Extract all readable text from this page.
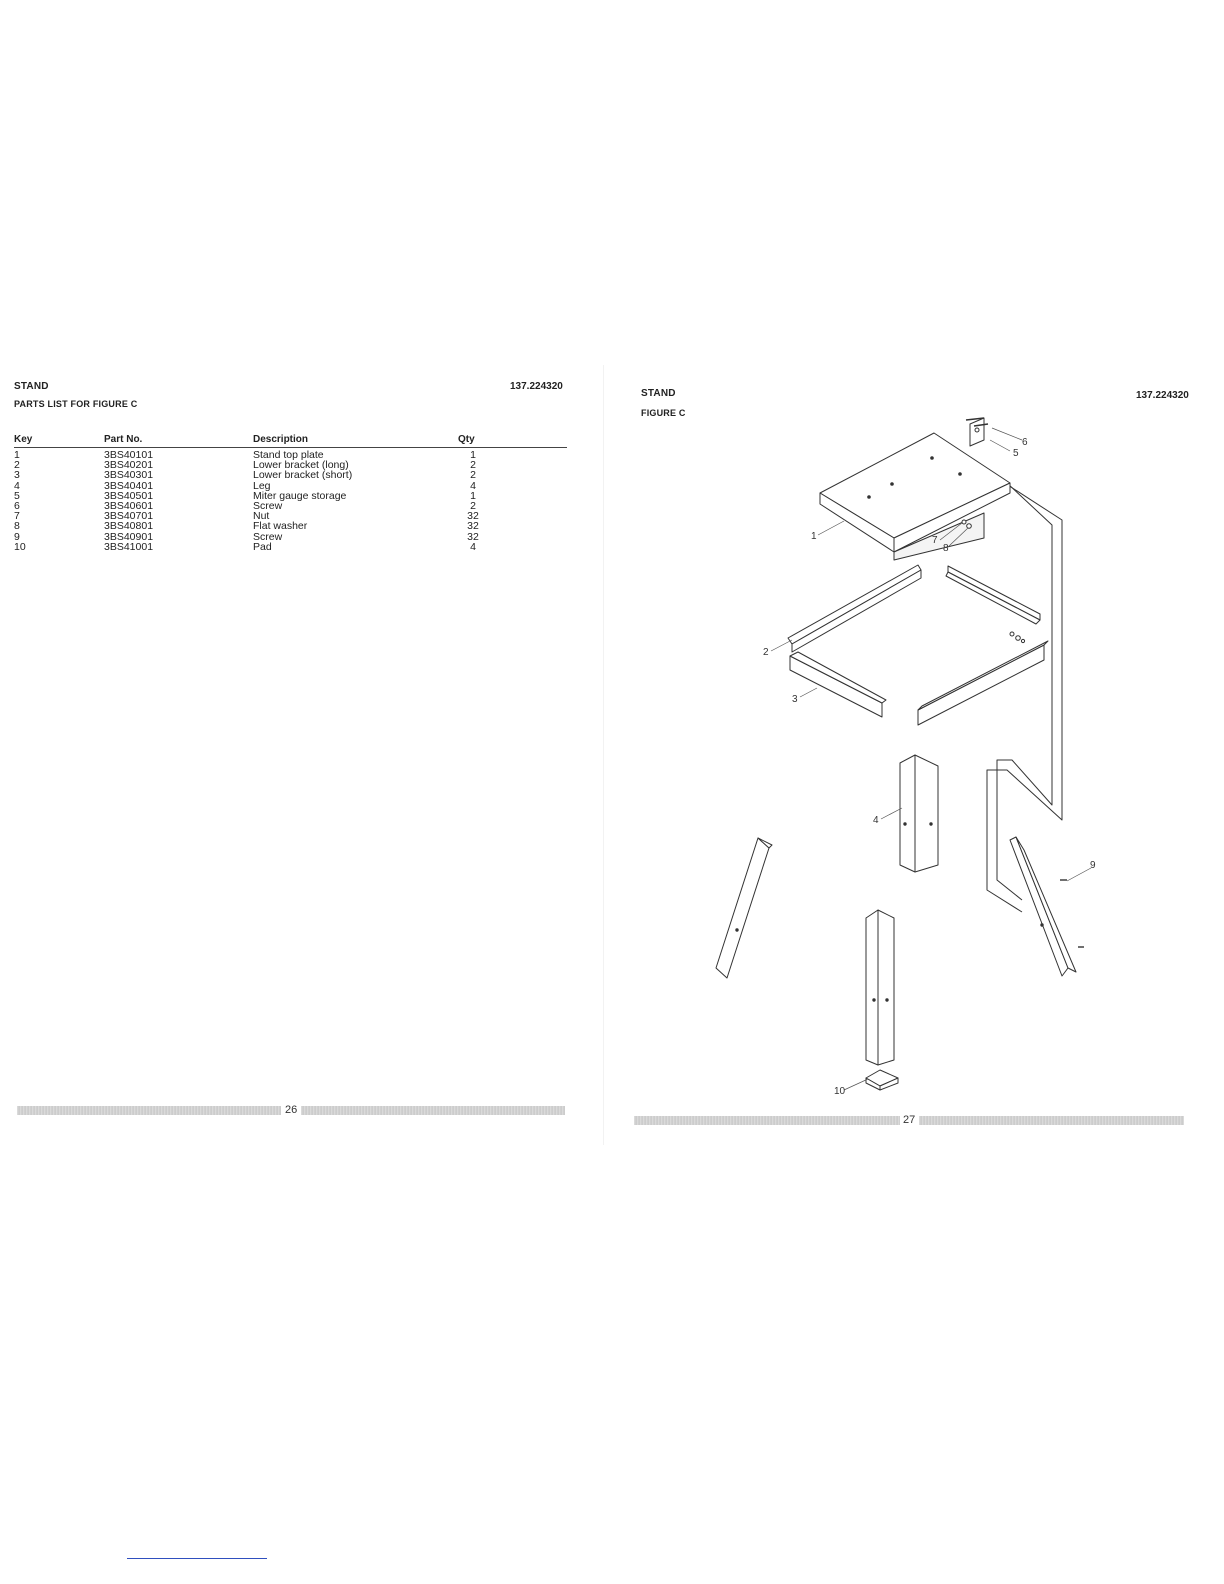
STAND	137.224320
PARTS LIST FOR FIGURE C
Key	Part No.	Description	Qty	
1	3BS40101	Stand top plate	1	
2	3BS40201	Lower bracket (long)	2	
3	3BS40301	Lower bracket (short)	2	
4	3BS40401	Leg	4	
5	3BS40501	Miter gauge storage	1	
6	3BS40601	Screw	2	
7	3BS40701	Nut	32	
8	3BS40801	Flat washer	32	
9	3BS40901	Screw	32	
10	3BS41001	Pad	4	
26
STAND	137.224320
FIGURE C
1
2
3
4
5
6
7
8
9
10
27
